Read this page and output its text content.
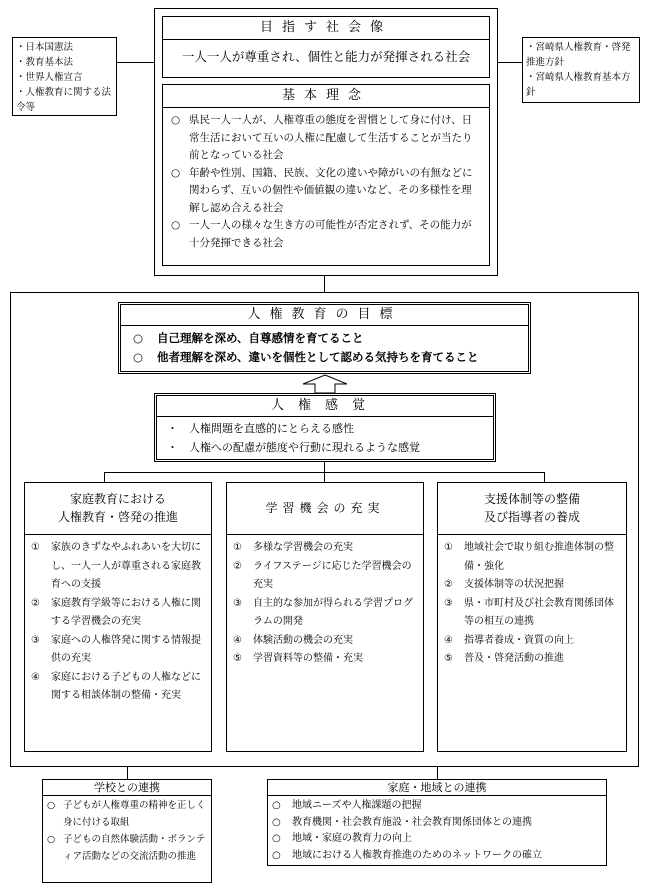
・日本国憲法
・教育基本法
・世界人権宣言
・人権教育に関する法令等
・宮崎県人権教育・啓発推進方針
・宮崎県人権教育基本方針
目指す社会像
一人一人が尊重され、個性と能力が発揮される社会
基本理念
○ 県民一人一人が、人権尊重の態度を習慣として身に付け、日常生活において互いの人権に配慮して生活することが当たり前となっている社会
○ 年齢や性別、国籍、民族、文化の違いや障がいの有無などに関わらず、互いの個性や価値観の違いなど、その多様性を理解し認め合える社会
○ 一人一人の様々な生き方の可能性が否定されず、その能力が十分発揮できる社会
人権教育の目標
○	自己理解を深め、自尊感情を育てること
○	他者理解を深め、違いを個性として認める気持ちを育てること
人権感覚
・	人権問題を直感的にとらえる感性
・	人権への配慮が態度や行動に現れるような感覚
家庭教育における
人権教育・啓発の推進
①	家族のきずなやふれあいを大切にし、一人一人が尊重される家庭教育への支援
②	家庭教育学級等における人権に関する学習機会の充実
③	家庭への人権啓発に関する情報提供の充実
④	家庭における子どもの人権などに関する相談体制の整備・充実
学習機会の充実
①	多様な学習機会の充実
②	ライフステージに応じた学習機会の充実
③	自主的な参加が得られる学習プログラムの開発
④	体験活動の機会の充実
⑤	学習資料等の整備・充実
支援体制等の整備
及び指導者の養成
①	地域社会で取り組む推進体制の整備・強化
②	支援体制等の状況把握
③	県・市町村及び社会教育関係団体等の相互の連携
④	指導者養成・資質の向上
⑤	普及・啓発活動の推進
学校との連携
○ 子どもが人権尊重の精神を正しく身に付ける取組
○ 子どもの自然体験活動・ボランティア活動などの交流活動の推進
家庭・地域との連携
○	地域ニーズや人権課題の把握
○	教育機関・社会教育施設・社会教育関係団体との連携
○	地域・家庭の教育力の向上
○	地域における人権教育推進のためのネットワークの確立
